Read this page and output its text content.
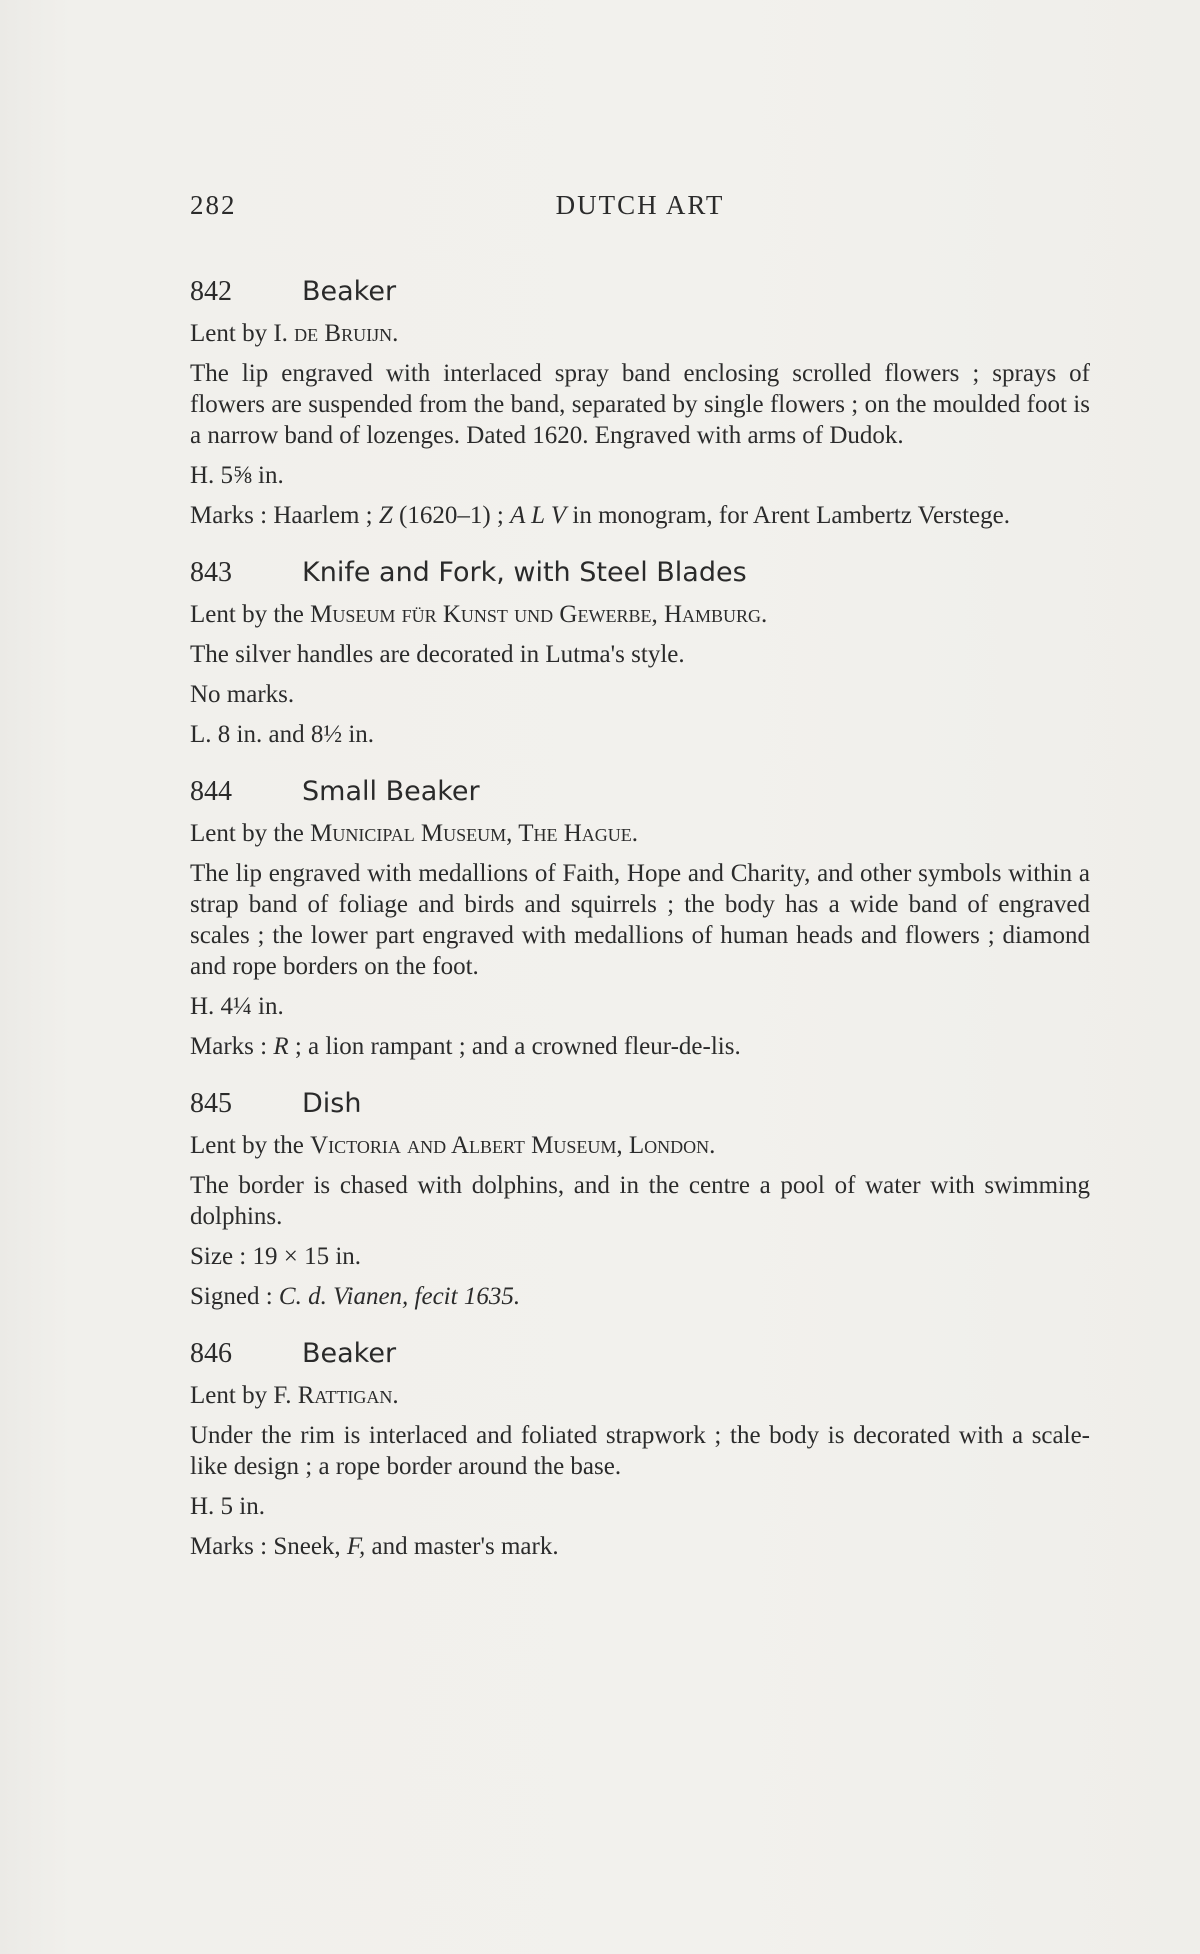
282	DUTCH ART
842	Beaker
Lent by I. de Bruijn.
The lip engraved with interlaced spray band enclosing scrolled flowers ; sprays of flowers are suspended from the band, separated by single flowers ; on the moulded foot is a narrow band of lozenges. Dated 1620. Engraved with arms of Dudok.
H. 5⅝ in.
Marks : Haarlem ; Z (1620–1) ; A L V in monogram, for Arent Lambertz Verstege.
843	Knife and Fork, with Steel Blades
Lent by the Museum für Kunst und Gewerbe, Hamburg.
The silver handles are decorated in Lutma's style.
No marks.
L. 8 in. and 8½ in.
844	Small Beaker
Lent by the Municipal Museum, The Hague.
The lip engraved with medallions of Faith, Hope and Charity, and other symbols within a strap band of foliage and birds and squirrels ; the body has a wide band of engraved scales ; the lower part engraved with medallions of human heads and flowers ; diamond and rope borders on the foot.
H. 4¼ in.
Marks : R ; a lion rampant ; and a crowned fleur-de-lis.
845	Dish
Lent by the Victoria and Albert Museum, London.
The border is chased with dolphins, and in the centre a pool of water with swimming dolphins.
Size : 19 × 15 in.
Signed : C. d. Vianen, fecit 1635.
846	Beaker
Lent by F. Rattigan.
Under the rim is interlaced and foliated strapwork ; the body is decorated with a scale-like design ; a rope border around the base.
H. 5 in.
Marks : Sneek, F, and master's mark.
